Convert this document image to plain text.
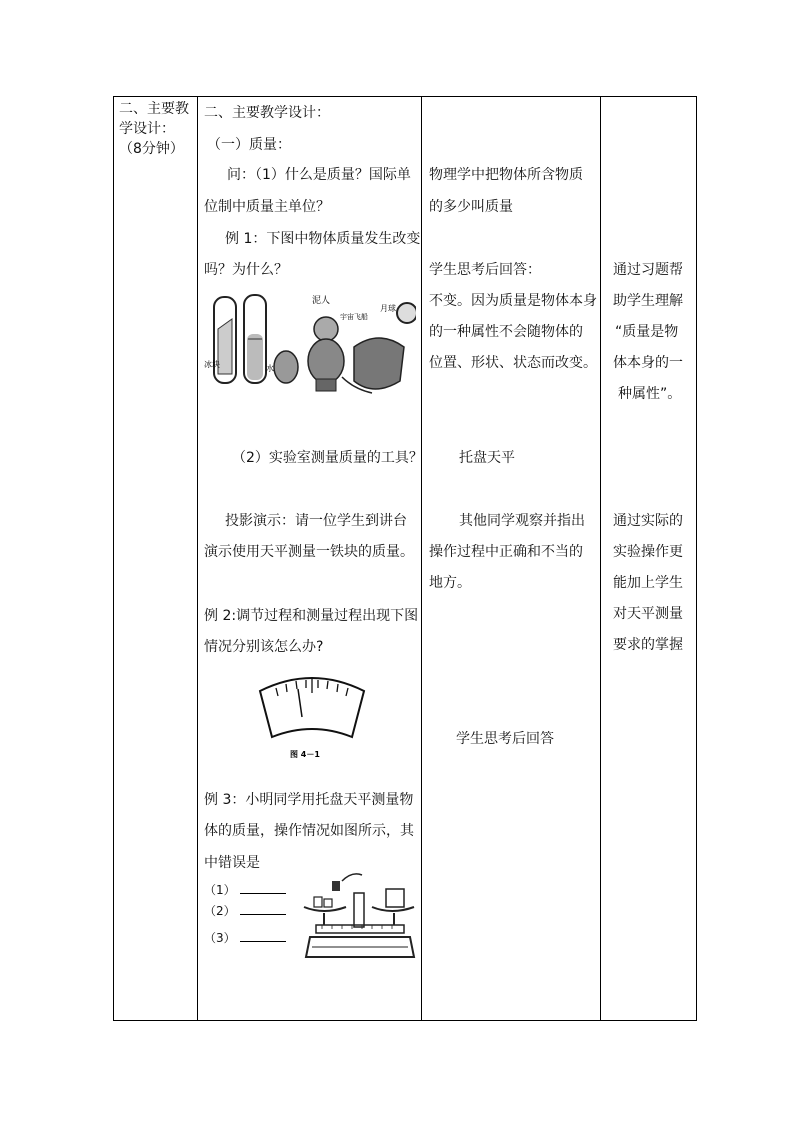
二、主要教
学设计：
（8分钟）

二、主要教学设计：
（一）质量：
问：（1）什么是质量？国际单
位制中质量主单位？
例 1：下图中物体质量发生改变
吗？为什么？
冰块	水
泥人
宇宙飞船
月球
（2）实验室测量质量的工具？
投影演示：请一位学生到讲台
演示使用天平测量一铁块的质量。
例 2:调节过程和测量过程出现下图
情况分别该怎么办?
图 4－1
例 3：小明同学用托盘天平测量物
体的质量，操作情况如图所示，其
中错误是
（1）
（2）
（3）

物理学中把物体所含物质
的多少叫质量
学生思考后回答：
不变。因为质量是物体本身
的一种属性不会随物体的
位置、形状、状态而改变。
托盘天平
其他同学观察并指出
操作过程中正确和不当的
地方。
学生思考后回答

通过习题帮
助学生理解
“质量是物
体本身的一
种属性”。
通过实际的
实验操作更
能加上学生
对天平测量
要求的掌握
